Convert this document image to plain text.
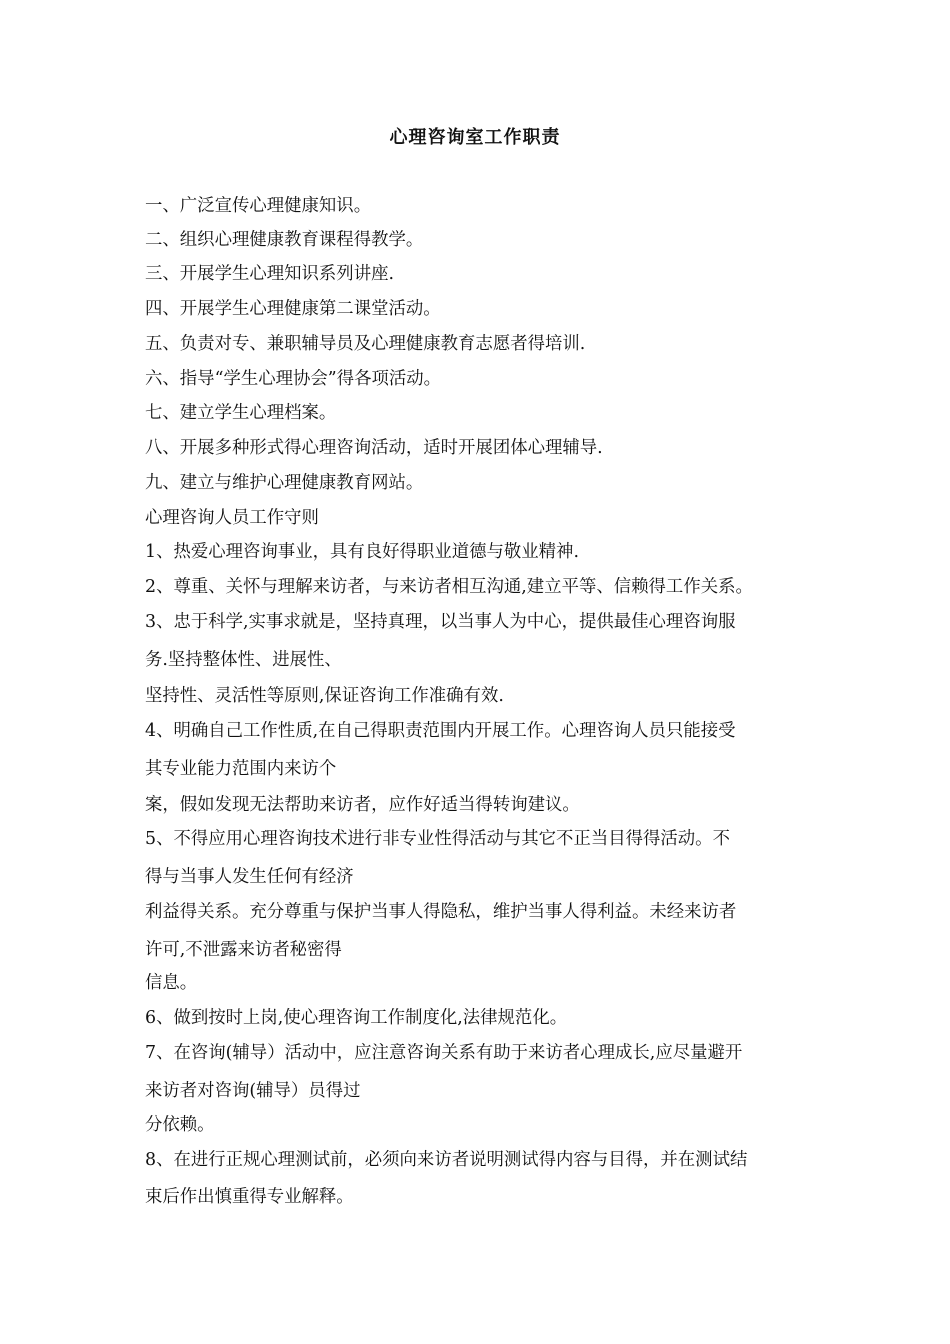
心理咨询室工作职责
一、广泛宣传心理健康知识。
二、组织心理健康教育课程得教学。
三、开展学生心理知识系列讲座.
四、开展学生心理健康第二课堂活动。
五、负责对专、兼职辅导员及心理健康教育志愿者得培训.
六、指导“学生心理协会”得各项活动。
七、建立学生心理档案。
八、开展多种形式得心理咨询活动，适时开展团体心理辅导.
九、建立与维护心理健康教育网站。
心理咨询人员工作守则
1、热爱心理咨询事业，具有良好得职业道德与敬业精神.
2、尊重、关怀与理解来访者，与来访者相互沟通,建立平等、信赖得工作关系。
3、忠于科学,实事求就是，坚持真理，以当事人为中心，提供最佳心理咨询服
务.坚持整体性、进展性、
坚持性、灵活性等原则,保证咨询工作准确有效.
4、明确自己工作性质,在自己得职责范围内开展工作。心理咨询人员只能接受
其专业能力范围内来访个
案，假如发现无法帮助来访者，应作好适当得转询建议。
5、不得应用心理咨询技术进行非专业性得活动与其它不正当目得得活动。不
得与当事人发生任何有经济
利益得关系。充分尊重与保护当事人得隐私，维护当事人得利益。未经来访者
许可,不泄露来访者秘密得
信息。
6、做到按时上岗,使心理咨询工作制度化,法律规范化。
7、在咨询(辅导）活动中，应注意咨询关系有助于来访者心理成长,应尽量避开
来访者对咨询(辅导）员得过
分依赖。
8、在进行正规心理测试前，必须向来访者说明测试得内容与目得，并在测试结
束后作出慎重得专业解释。
